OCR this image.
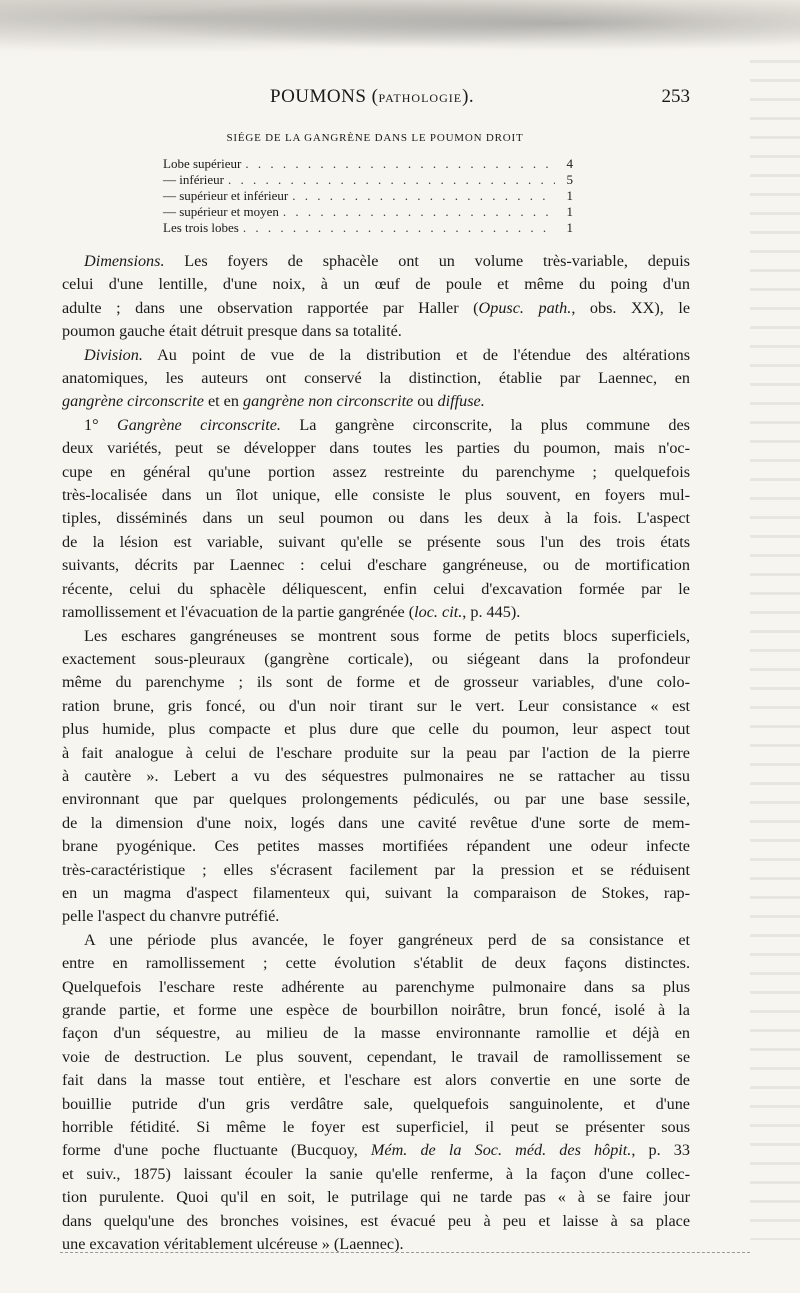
POUMONS (PATHOLOGIE).	253
SIÉGE DE LA GANGRÈNE DANS LE POUMON DROIT
Lobe supérieur . . .	4
— inférieur . . .	5
— supérieur et inférieur . . .	1
— supérieur et moyen . . .	1
Les trois lobes . . .	1
Dimensions. Les foyers de sphacèle ont un volume très-variable, depuis
celui d'une lentille, d'une noix, à un œuf de poule et même du poing d'un
adulte ; dans une observation rapportée par Haller (Opusc. path., obs. XX), le
poumon gauche était détruit presque dans sa totalité.
Division. Au point de vue de la distribution et de l'étendue des altérations
anatomiques, les auteurs ont conservé la distinction, établie par Laennec, en
gangrène circonscrite et en gangrène non circonscrite ou diffuse.
1° Gangrène circonscrite. La gangrène circonscrite, la plus commune des
deux variétés, peut se développer dans toutes les parties du poumon, mais n'oc-
cupe en général qu'une portion assez restreinte du parenchyme ; quelquefois
très-localisée dans un îlot unique, elle consiste le plus souvent, en foyers mul-
tiples, disséminés dans un seul poumon ou dans les deux à la fois. L'aspect
de la lésion est variable, suivant qu'elle se présente sous l'un des trois états
suivants, décrits par Laennec : celui d'eschare gangréneuse, ou de mortification
récente, celui du sphacèle déliquescent, enfin celui d'excavation formée par le
ramollissement et l'évacuation de la partie gangrénée (loc. cit., p. 445).
Les eschares gangréneuses se montrent sous forme de petits blocs superficiels,
exactement sous-pleuraux (gangrène corticale), ou siégeant dans la profondeur
même du parenchyme ; ils sont de forme et de grosseur variables, d'une colo-
ration brune, gris foncé, ou d'un noir tirant sur le vert. Leur consistance « est
plus humide, plus compacte et plus dure que celle du poumon, leur aspect tout
à fait analogue à celui de l'eschare produite sur la peau par l'action de la pierre
à cautère ». Lebert a vu des séquestres pulmonaires ne se rattacher au tissu
environnant que par quelques prolongements pédiculés, ou par une base sessile,
de la dimension d'une noix, logés dans une cavité revêtue d'une sorte de mem-
brane pyogénique. Ces petites masses mortifiées répandent une odeur infecte
très-caractéristique ; elles s'écrasent facilement par la pression et se réduisent
en un magma d'aspect filamenteux qui, suivant la comparaison de Stokes, rap-
pelle l'aspect du chanvre putréfié.
A une période plus avancée, le foyer gangréneux perd de sa consistance et
entre en ramollissement ; cette évolution s'établit de deux façons distinctes.
Quelquefois l'eschare reste adhérente au parenchyme pulmonaire dans sa plus
grande partie, et forme une espèce de bourbillon noirâtre, brun foncé, isolé à la
façon d'un séquestre, au milieu de la masse environnante ramollie et déjà en
voie de destruction. Le plus souvent, cependant, le travail de ramollissement se
fait dans la masse tout entière, et l'eschare est alors convertie en une sorte de
bouillie putride d'un gris verdâtre sale, quelquefois sanguinolente, et d'une
horrible fétidité. Si même le foyer est superficiel, il peut se présenter sous
forme d'une poche fluctuante (Bucquoy, Mém. de la Soc. méd. des hôpit., p. 33
et suiv., 1875) laissant écouler la sanie qu'elle renferme, à la façon d'une collec-
tion purulente. Quoi qu'il en soit, le putrilage qui ne tarde pas « à se faire jour
dans quelqu'une des bronches voisines, est évacué peu à peu et laisse à sa place
une excavation véritablement ulcéreuse » (Laennec).
